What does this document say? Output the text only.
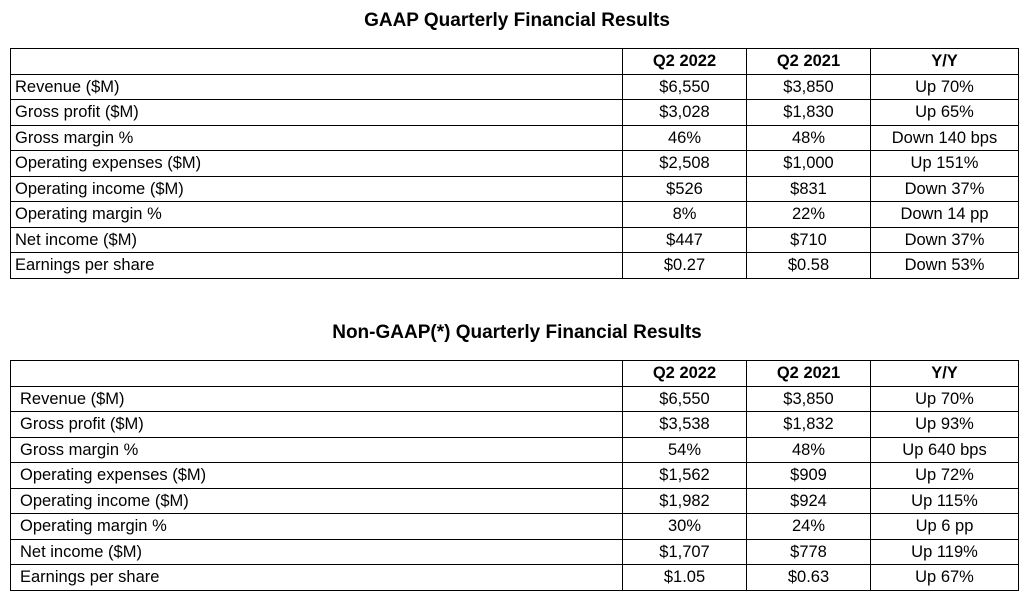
GAAP Quarterly Financial Results
	Q2 2022	Q2 2021	Y/Y
Revenue ($M)	$6,550	$3,850	Up 70%
Gross profit ($M)	$3,028	$1,830	Up 65%
Gross margin %	46%	48%	Down 140 bps
Operating expenses ($M)	$2,508	$1,000	Up 151%
Operating income ($M)	$526	$831	Down 37%
Operating margin %	8%	22%	Down 14 pp
Net income ($M)	$447	$710	Down 37%
Earnings per share	$0.27	$0.58	Down 53%
Non-GAAP(*) Quarterly Financial Results
	Q2 2022	Q2 2021	Y/Y
Revenue ($M)	$6,550	$3,850	Up 70%
Gross profit ($M)	$3,538	$1,832	Up 93%
Gross margin %	54%	48%	Up 640 bps
Operating expenses ($M)	$1,562	$909	Up 72%
Operating income ($M)	$1,982	$924	Up 115%
Operating margin %	30%	24%	Up 6 pp
Net income ($M)	$1,707	$778	Up 119%
Earnings per share	$1.05	$0.63	Up 67%
